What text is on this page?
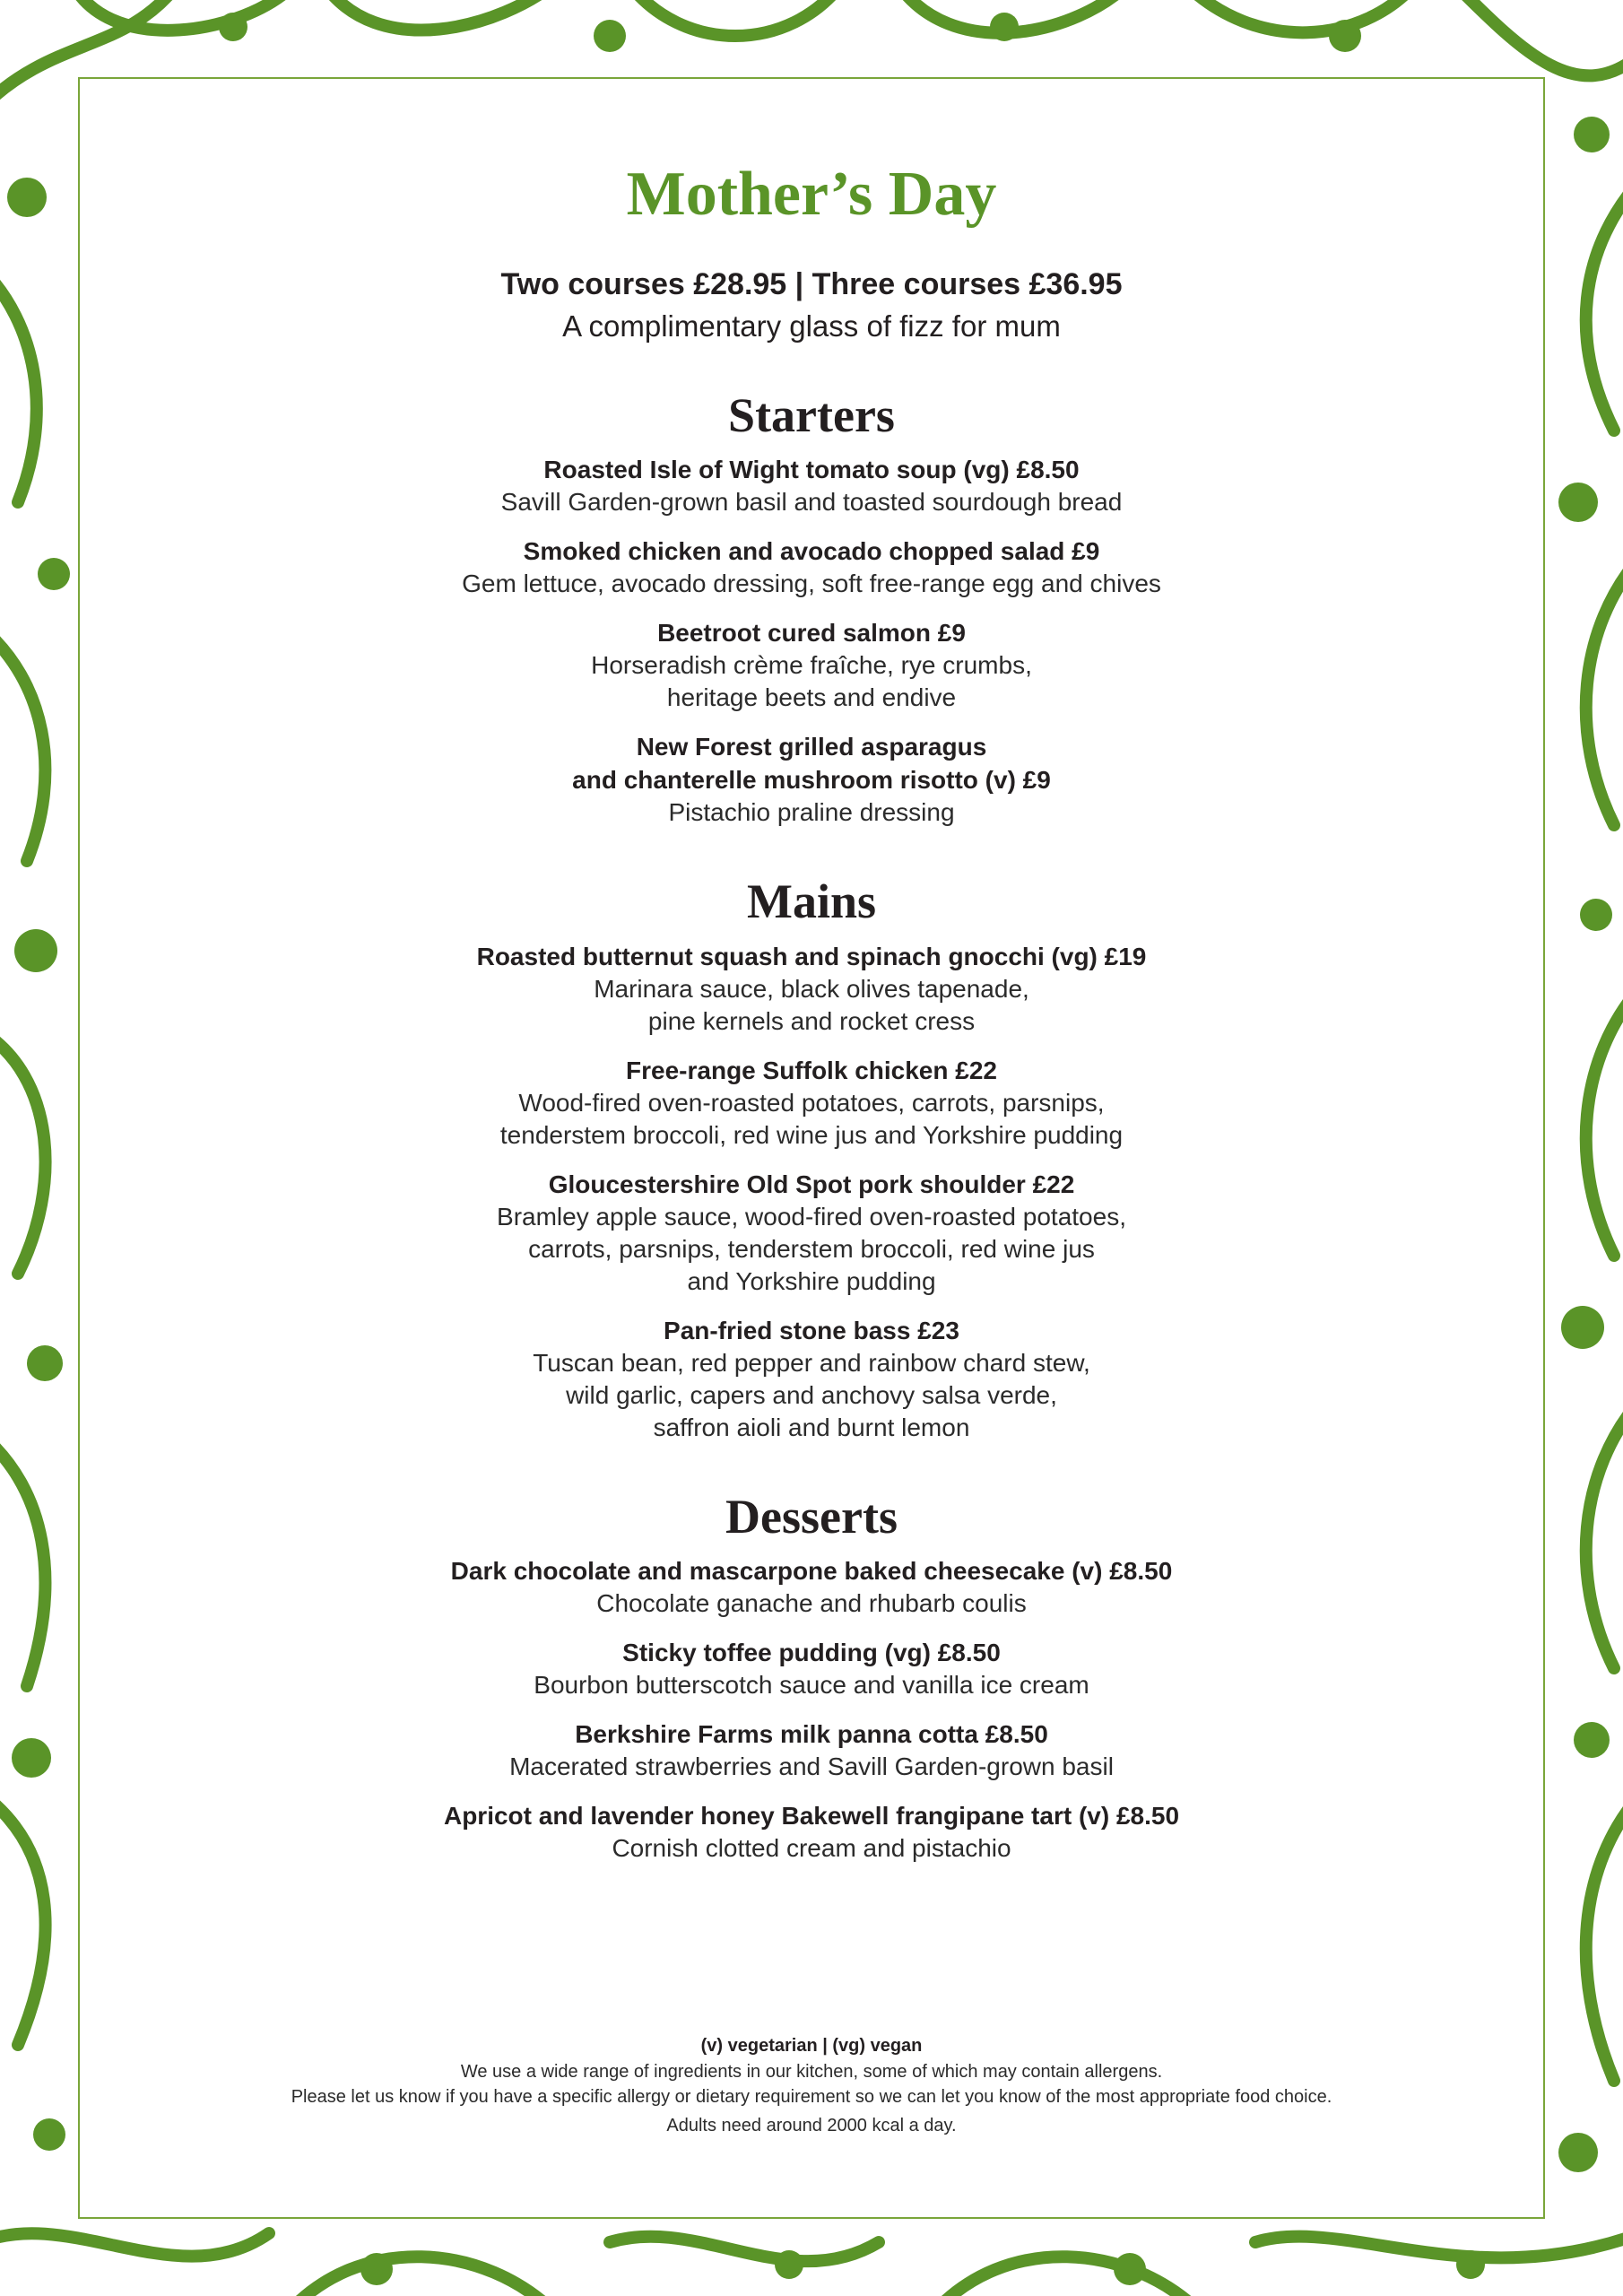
Mother’s Day
Two courses £28.95 | Three courses £36.95
A complimentary glass of fizz for mum
Starters
Roasted Isle of Wight tomato soup (vg) £8.50
Savill Garden-grown basil and toasted sourdough bread
Smoked chicken and avocado chopped salad £9
Gem lettuce, avocado dressing, soft free-range egg and chives
Beetroot cured salmon £9
Horseradish crème fraîche, rye crumbs,
heritage beets and endive
New Forest grilled asparagus
and chanterelle mushroom risotto (v) £9
Pistachio praline dressing
Mains
Roasted butternut squash and spinach gnocchi (vg) £19
Marinara sauce, black olives tapenade,
pine kernels and rocket cress
Free-range Suffolk chicken £22
Wood-fired oven-roasted potatoes, carrots, parsnips,
tenderstem broccoli, red wine jus and Yorkshire pudding
Gloucestershire Old Spot pork shoulder £22
Bramley apple sauce, wood-fired oven-roasted potatoes,
carrots, parsnips, tenderstem broccoli, red wine jus
and Yorkshire pudding
Pan-fried stone bass £23
Tuscan bean, red pepper and rainbow chard stew,
wild garlic, capers and anchovy salsa verde,
saffron aioli and burnt lemon
Desserts
Dark chocolate and mascarpone baked cheesecake (v) £8.50
Chocolate ganache and rhubarb coulis
Sticky toffee pudding (vg) £8.50
Bourbon butterscotch sauce and vanilla ice cream
Berkshire Farms milk panna cotta £8.50
Macerated strawberries and Savill Garden-grown basil
Apricot and lavender honey Bakewell frangipane tart (v) £8.50
Cornish clotted cream and pistachio
(v) vegetarian | (vg) vegan
We use a wide range of ingredients in our kitchen, some of which may contain allergens.
Please let us know if you have a specific allergy or dietary requirement so we can let you know of the most appropriate food choice.
Adults need around 2000 kcal a day.
